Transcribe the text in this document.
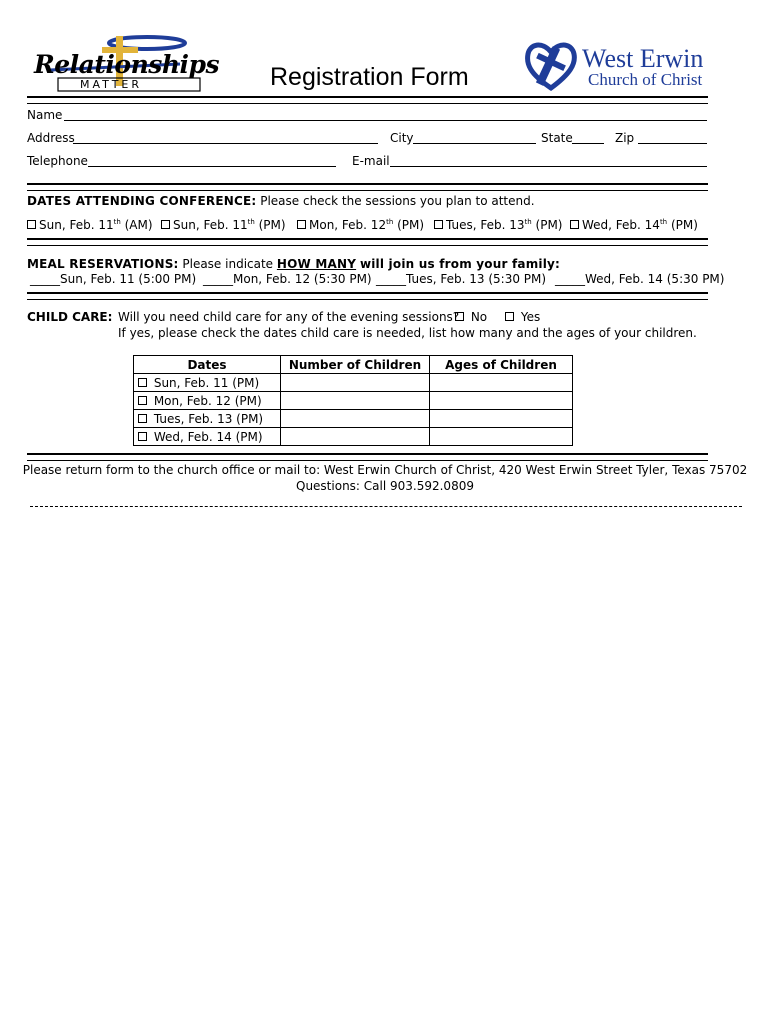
Relationships
MATTER	Registration Form
West Erwin
Church of Christ
Name
Address	City	State	Zip
Telephone	E-mail
DATES ATTENDING CONFERENCE: Please check the sessions you plan to attend.
Sun, Feb. 11th (AM)	Sun, Feb. 11th (PM)	Mon, Feb. 12th (PM)	Tues, Feb. 13th (PM)	Wed, Feb. 14th (PM)
MEAL RESERVATIONS: Please indicate HOW MANY will join us from your family:
_____Sun, Feb. 11 (5:00 PM) _____Mon, Feb. 12 (5:30 PM) _____Tues, Feb. 13 (5:30 PM) _____Wed, Feb. 14 (5:30 PM)
CHILD CARE: Will you need child care for any of the evening sessions? No	Yes
If yes, please check the dates child care is needed, list how many and the ages of your children.
Dates	Number of Children	Ages of Children
Sun, Feb. 11 (PM)		
Mon, Feb. 12 (PM)		
Tues, Feb. 13 (PM)		
Wed, Feb. 14 (PM)		
Please return form to the church office or mail to: West Erwin Church of Christ, 420 West Erwin Street Tyler, Texas 75702
Questions: Call 903.592.0809
